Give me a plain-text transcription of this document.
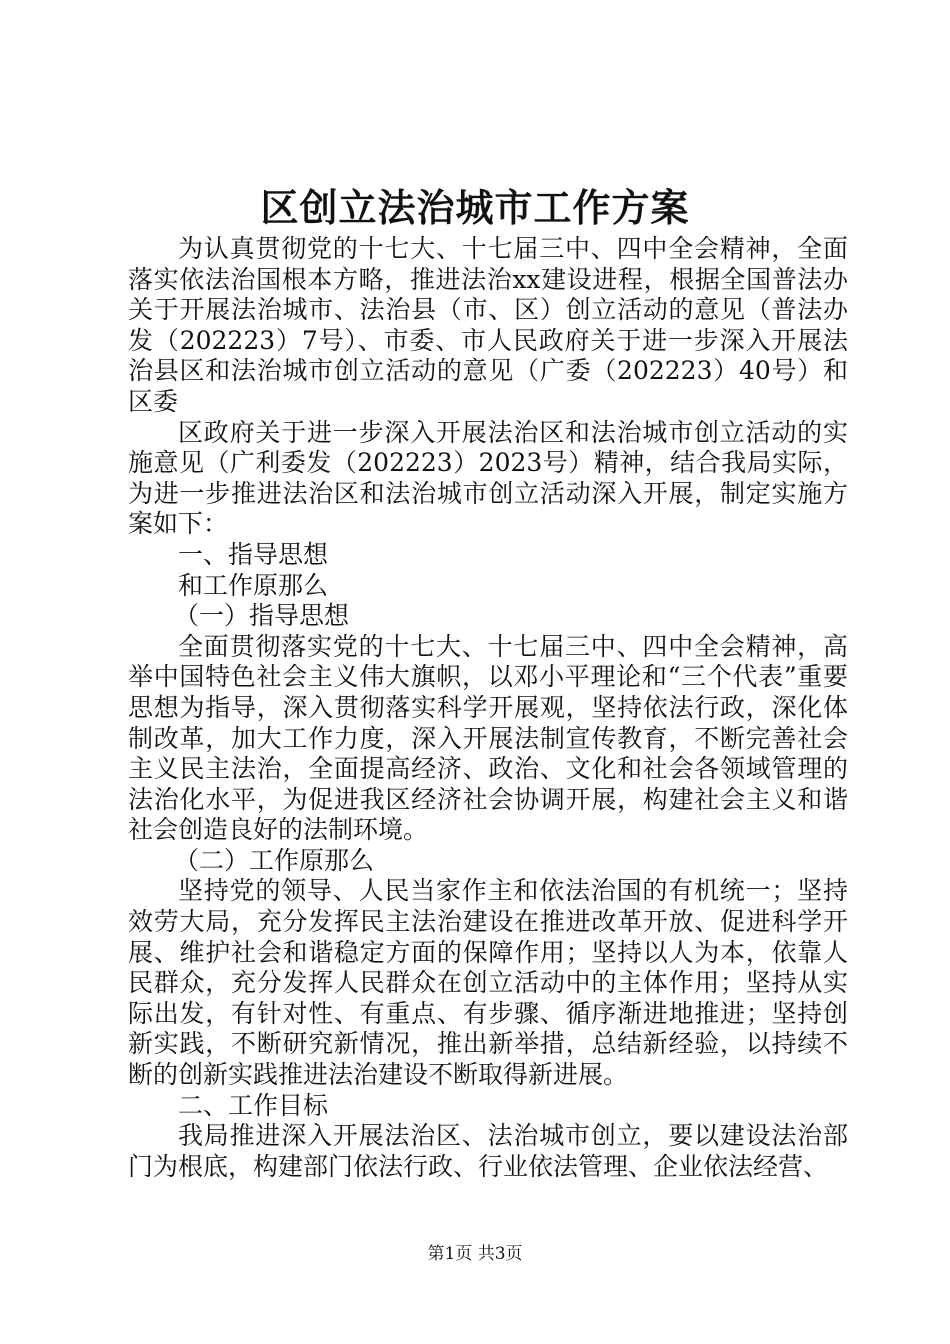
区创立法治城市工作方案

为认真贯彻党的十七大、十七届三中、四中全会精神，全面落实依法治国根本方略，推进法治xx建设进程，根据全国普法办关于开展法治城市、法治县（市、区）创立活动的意见（普法办发（202223）7号）、市委、市人民政府关于进一步深入开展法治县区和法治城市创立活动的意见（广委（202223）40号）和区委

区政府关于进一步深入开展法治区和法治城市创立活动的实施意见（广利委发（202223）2023号）精神，结合我局实际，为进一步推进法治区和法治城市创立活动深入开展，制定实施方案如下：

一、指导思想

和工作原那么

（一）指导思想

全面贯彻落实党的十七大、十七届三中、四中全会精神，高举中国特色社会主义伟大旗帜，以邓小平理论和“三个代表”重要思想为指导，深入贯彻落实科学开展观，坚持依法行政，深化体制改革，加大工作力度，深入开展法制宣传教育，不断完善社会主义民主法治，全面提高经济、政治、文化和社会各领域管理的法治化水平，为促进我区经济社会协调开展，构建社会主义和谐社会创造良好的法制环境。

（二）工作原那么

坚持党的领导、人民当家作主和依法治国的有机统一；坚持效劳大局，充分发挥民主法治建设在推进改革开放、促进科学开展、维护社会和谐稳定方面的保障作用；坚持以人为本，依靠人民群众，充分发挥人民群众在创立活动中的主体作用；坚持从实际出发，有针对性、有重点、有步骤、循序渐进地推进；坚持创新实践，不断研究新情况，推出新举措，总结新经验，以持续不断的创新实践推进法治建设不断取得新进展。

二、工作目标

我局推进深入开展法治区、法治城市创立，要以建设法治部门为根底，构建部门依法行政、行业依法管理、企业依法经营、

第1页 共3页
